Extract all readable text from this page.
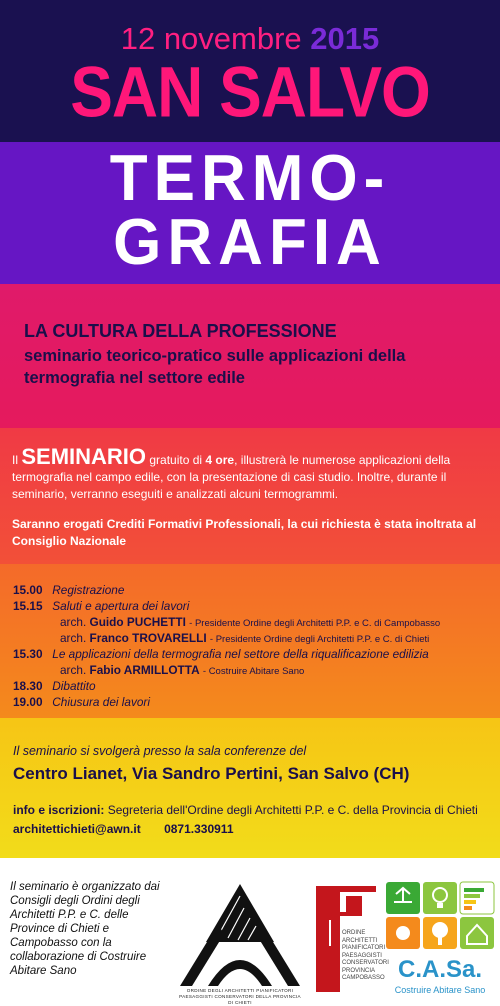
12 novembre 2015
SAN SALVO
TERMO-
GRAFIA
LA CULTURA DELLA PROFESSIONE
seminario teorico-pratico sulle applicazioni della termografia nel settore edile
Il SEMINARIO gratuito di 4 ore, illustrerà le numerose applicazioni della termografia nel campo edile, con la presentazione di casi studio. Inoltre, durante il seminario, verranno eseguiti e analizzati alcuni termogrammi.
Saranno erogati Crediti Formativi Professionali, la cui richiesta è stata inoltrata al Consiglio Nazionale
15.00 Registrazione
15.15 Saluti e apertura dei lavori
arch. Guido PUCHETTI - Presidente Ordine degli Architetti P.P. e C. di Campobasso
arch. Franco TROVARELLI - Presidente Ordine degli Architetti P.P. e C. di Chieti
15.30 Le applicazioni della termografia nel settore della riqualificazione edilizia
arch. Fabio ARMILLOTTA - Costruire Abitare Sano
18.30 Dibattito
19.00 Chiusura dei lavori
Il seminario si svolgerà presso la sala conferenze del
Centro Lianet, Via Sandro Pertini, San Salvo (CH)
info e iscrizioni: Segreteria dell'Ordine degli Architetti P.P. e C. della Provincia di Chieti
architettichieti@awn.it 0871.330911
Il seminario è organizzato dai Consigli degli Ordini degli Architetti P.P. e C. delle Province di Chieti e Campobasso con la collaborazione di Costruire Abitare Sano
ORDINE DEGLI ARCHITETTI PIANIFICATORI PAESAGGISTI CONSERVATORI DELLA PROVINCIA DI CHIETI
ORDINE
ARCHITETTI
PIANIFICATORI
PAESAGGISTI
CONSERVATORI
PROVINCIA
CAMPOBASSO C.A.Sa.
Costruire Abitare Sano
